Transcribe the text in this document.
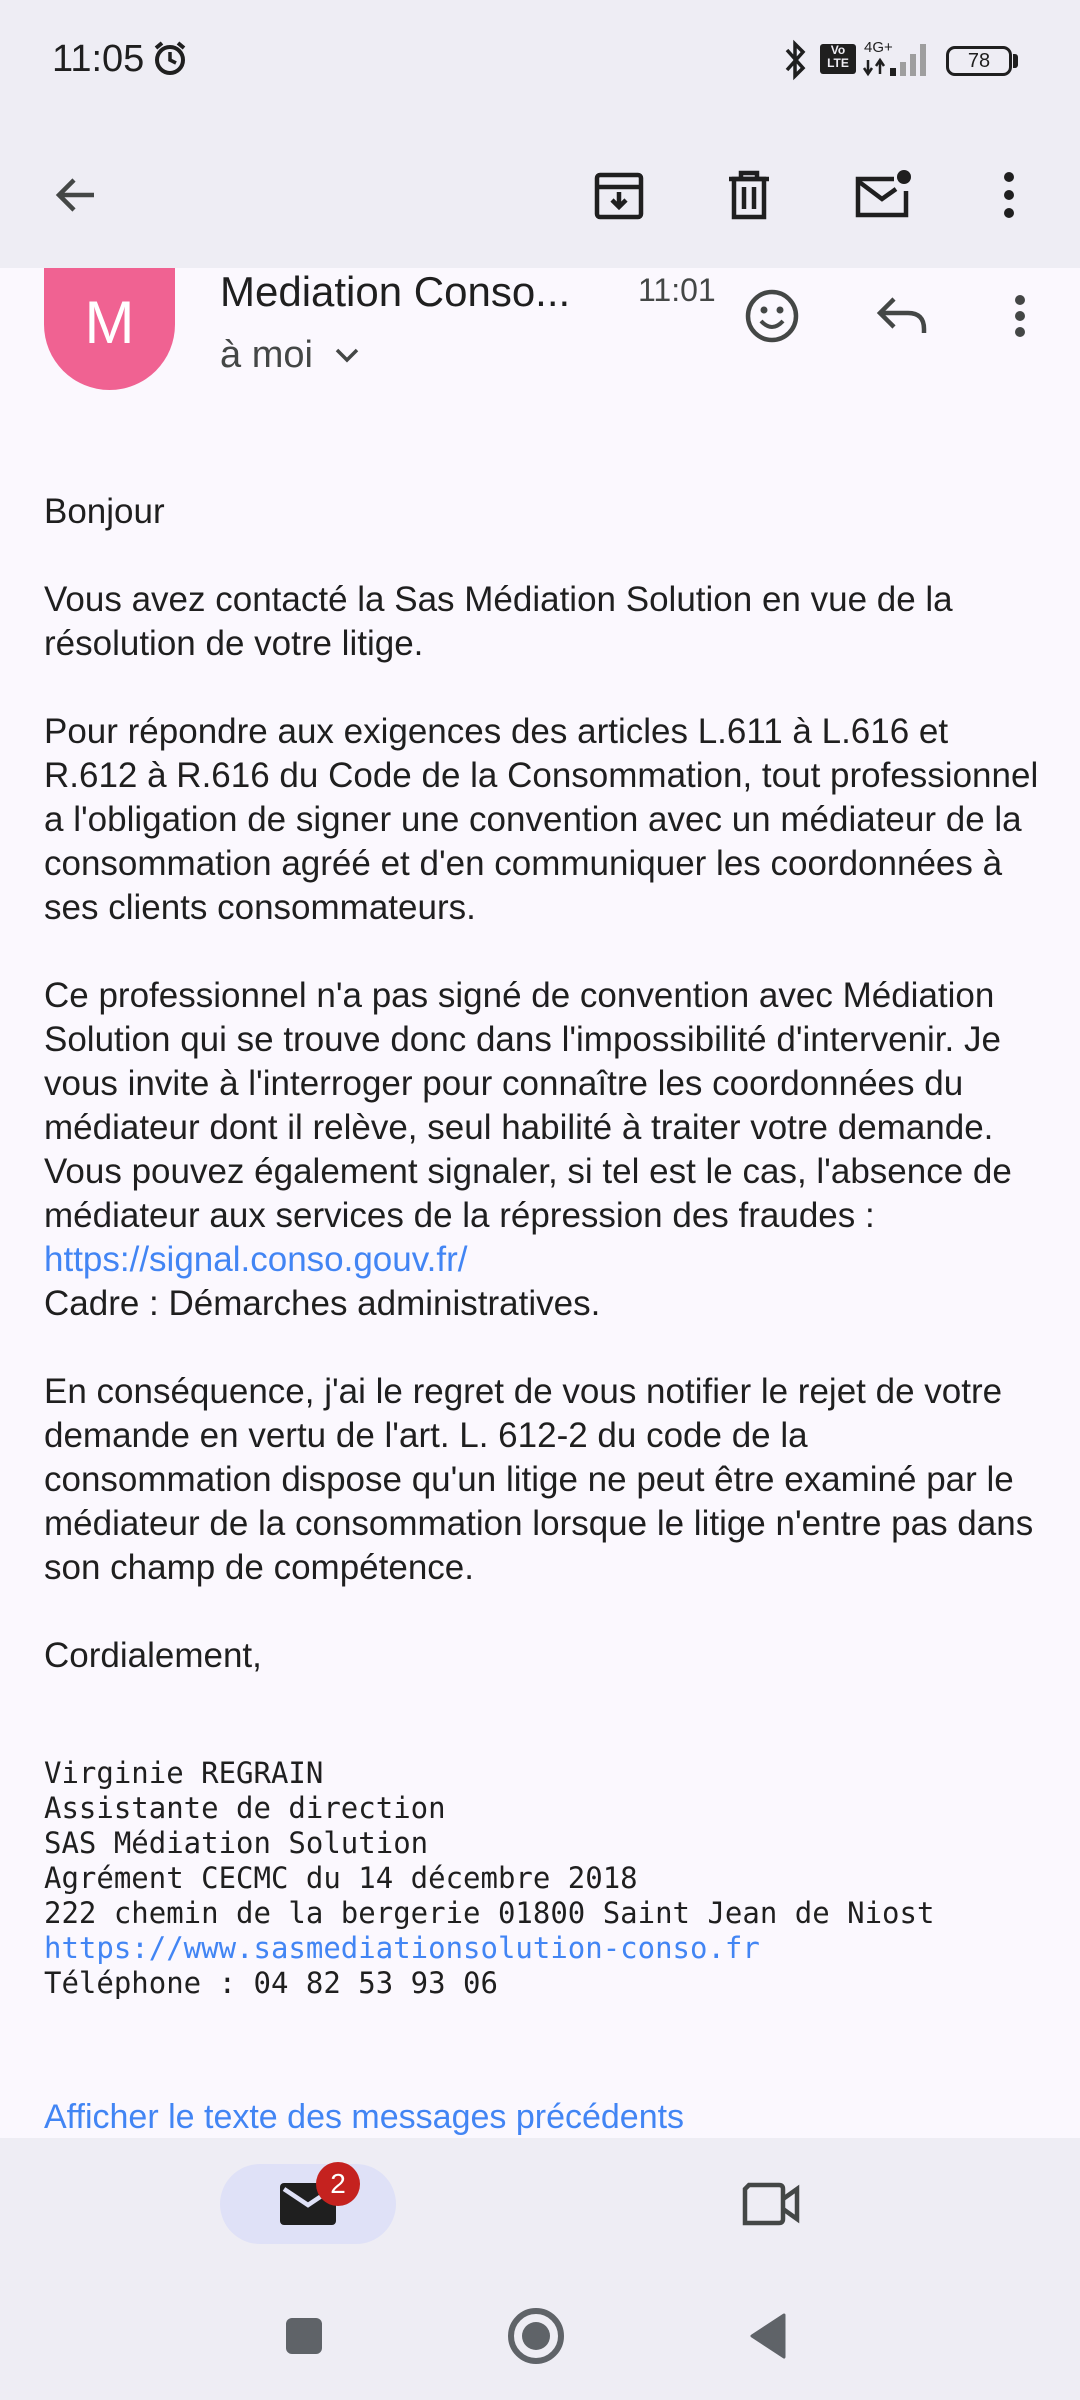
11:05	Vo
LTE
4G+
78
M	Mediation Conso... 11:01
à moi

Bonjour

Vous avez contacté la Sas Médiation Solution en vue de la résolution de votre litige.

Pour répondre aux exigences des articles L.611 à L.616 et R.612 à R.616 du Code de la Consommation, tout professionnel a l'obligation de signer une convention avec un médiateur de la consommation agréé et d'en communiquer les coordonnées à ses clients consommateurs.

Ce professionnel n'a pas signé de convention avec Médiation Solution qui se trouve donc dans l'impossibilité d'intervenir. Je vous invite à l'interroger pour connaître les coordonnées du médiateur dont il relève, seul habilité à traiter votre demande. Vous pouvez également signaler, si tel est le cas, l'absence de médiateur aux services de la répression des fraudes : https://signal.conso.gouv.fr/
Cadre : Démarches administratives.

En conséquence, j'ai le regret de vous notifier le rejet de votre demande en vertu de l'art. L. 612-2 du code de la consommation dispose qu'un litige ne peut être examiné par le médiateur de la consommation lorsque le litige n'entre pas dans son champ de compétence.

Cordialement,

Virginie REGRAIN
Assistante de direction
SAS Médiation Solution
Agrément CECMC du 14 décembre 2018
222 chemin de la bergerie 01800 Saint Jean de Niost
https://www.sasmediationsolution-conso.fr
Téléphone : 04 82 53 93 06
Afficher le texte des messages précédents
2
